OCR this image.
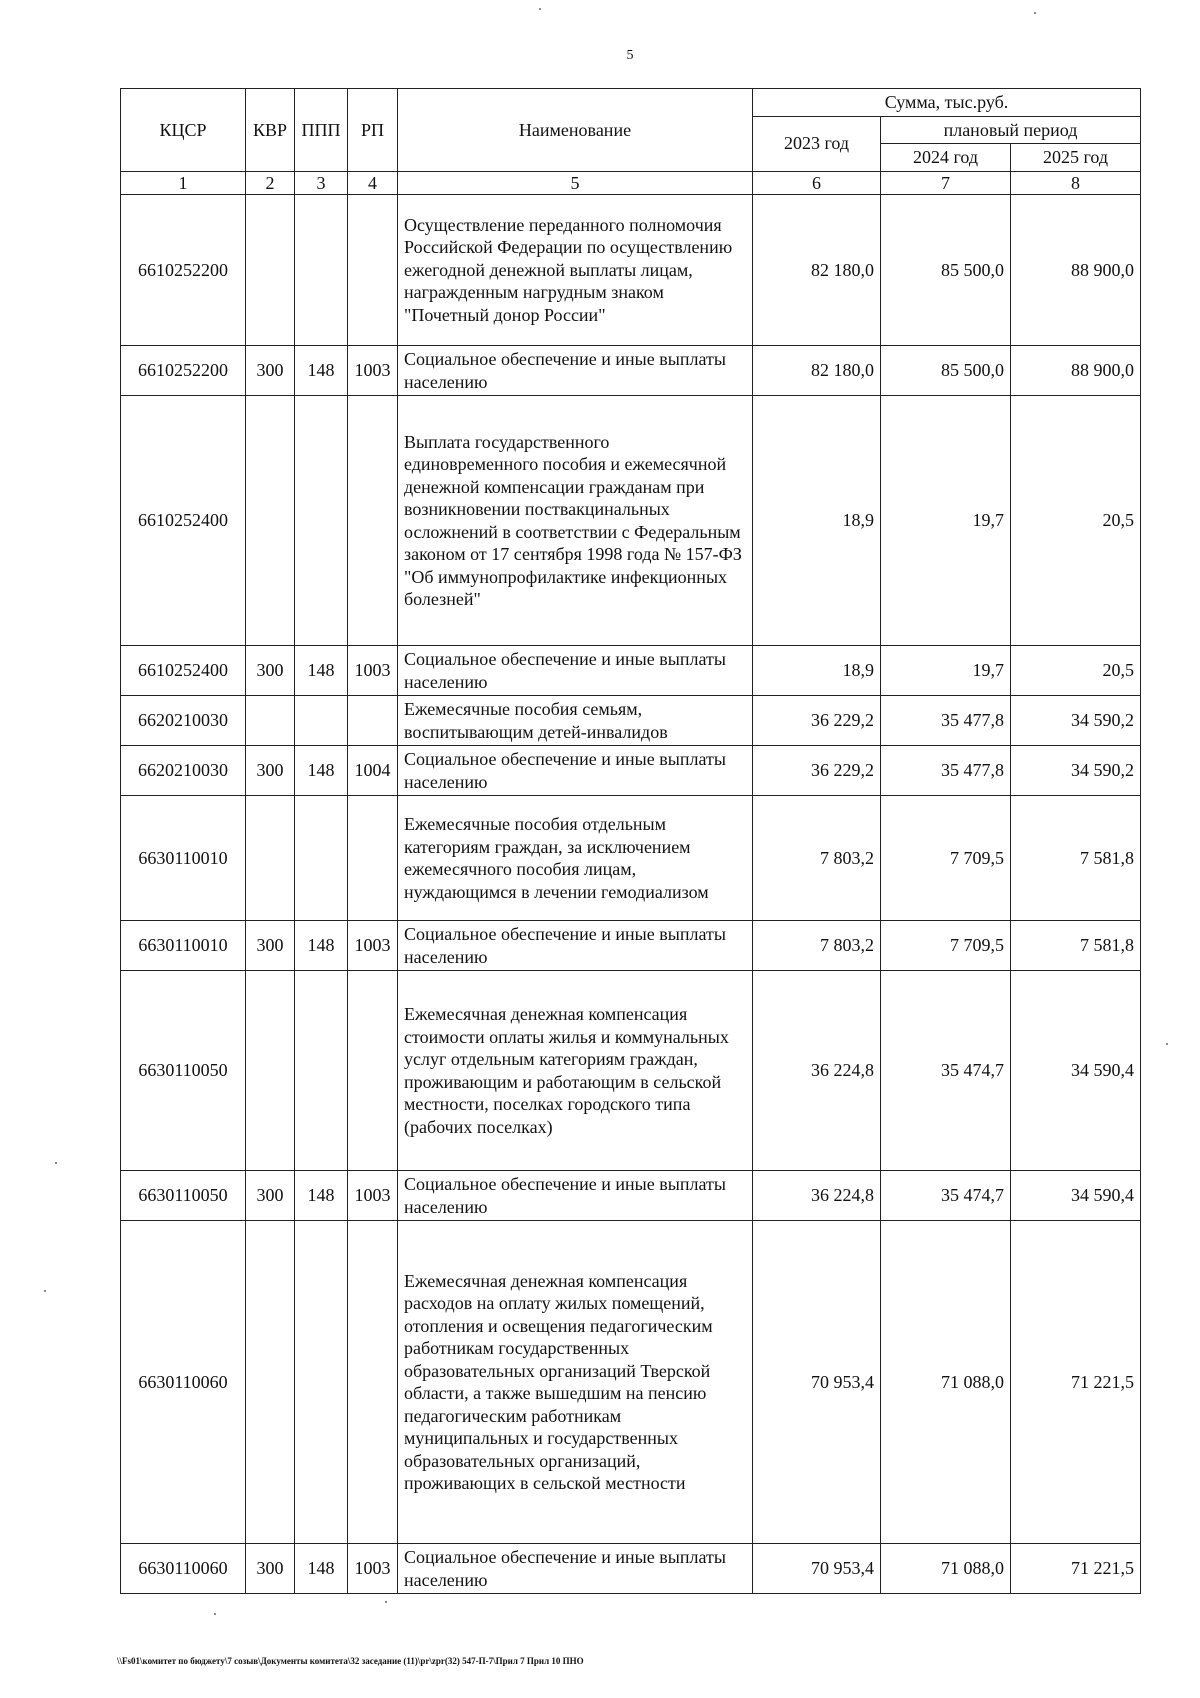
5
КЦСР	КВР	ППП	РП	Наименование	Сумма, тыс.руб.		
					2023 год	плановый период	
						2024 год	2025 год
1	2	3	4	5	6	7	8
6610252200				Осуществление переданного полномочия Российской Федерации по осуществлению ежегодной денежной выплаты лицам, награжденным нагрудным знаком "Почетный донор России"	82 180,0	85 500,0	88 900,0
6610252200	300	148	1003	Социальное обеспечение и иные выплаты населению	82 180,0	85 500,0	88 900,0
6610252400				Выплата государственного единовременного пособия и ежемесячной денежной компенсации гражданам при возникновении поствакцинальных осложнений в соответствии с Федеральным законом от 17 сентября 1998 года № 157-ФЗ "Об иммунопрофилактике инфекционных болезней"	18,9	19,7	20,5
6610252400	300	148	1003	Социальное обеспечение и иные выплаты населению	18,9	19,7	20,5
6620210030				Ежемесячные пособия семьям, воспитывающим детей-инвалидов	36 229,2	35 477,8	34 590,2
6620210030	300	148	1004	Социальное обеспечение и иные выплаты населению	36 229,2	35 477,8	34 590,2
6630110010				Ежемесячные пособия отдельным категориям граждан, за исключением ежемесячного пособия лицам, нуждающимся в лечении гемодиализом	7 803,2	7 709,5	7 581,8
6630110010	300	148	1003	Социальное обеспечение и иные выплаты населению	7 803,2	7 709,5	7 581,8
6630110050				Ежемесячная денежная компенсация стоимости оплаты жилья и коммунальных услуг отдельным категориям граждан, проживающим и работающим в сельской местности, поселках городского типа (рабочих поселках)	36 224,8	35 474,7	34 590,4
6630110050	300	148	1003	Социальное обеспечение и иные выплаты населению	36 224,8	35 474,7	34 590,4
6630110060				Ежемесячная денежная компенсация расходов на оплату жилых помещений, отопления и освещения педагогическим работникам государственных образовательных организаций Тверской области, а также вышедшим на пенсию педагогическим работникам муниципальных и государственных образовательных организаций, проживающих в сельской местности	70 953,4	71 088,0	71 221,5
6630110060	300	148	1003	Социальное обеспечение и иные выплаты населению	70 953,4	71 088,0	71 221,5
\\Fs01\комитет по бюджету\7 созыв\Документы комитета\32 заседание (11)\pr\zpr(32) 547-П-7\Прил 7 Прил 10 ПНО
